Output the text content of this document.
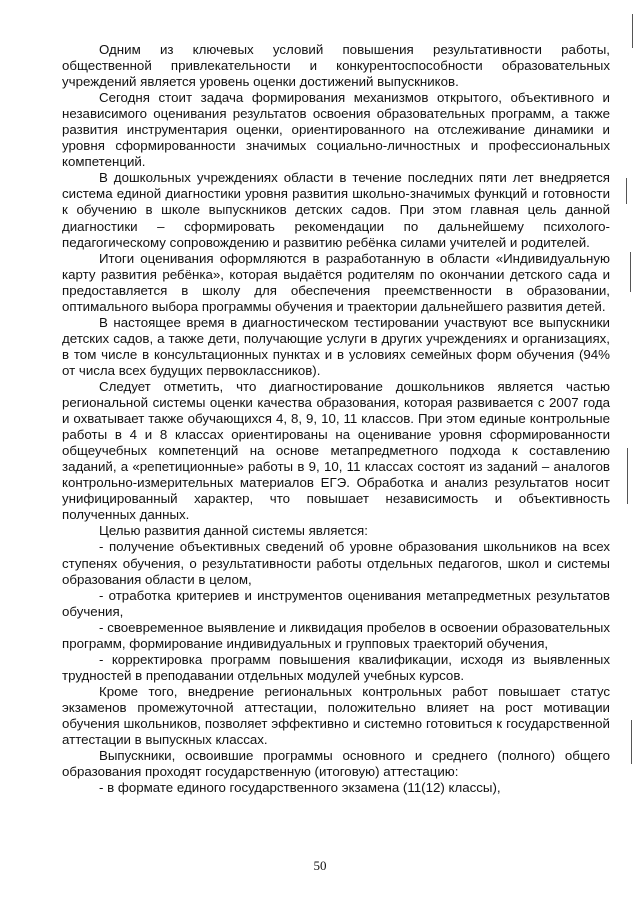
Одним из ключевых условий повышения результативности работы, общественной привлекательности и конкурентоспособности образовательных учреждений является уровень оценки достижений выпускников.

Сегодня стоит задача формирования механизмов открытого, объективного и независимого оценивания результатов освоения образовательных программ, а также развития инструментария оценки, ориентированного на отслеживание динамики и уровня сформированности значимых социально-личностных и профессиональных компетенций.

В дошкольных учреждениях области в течение последних пяти лет внедряется система единой диагностики уровня развития школьно-значимых функций и готовности к обучению в школе выпускников детских садов. При этом главная цель данной диагностики – сформировать рекомендации по дальнейшему психолого-педагогическому сопровождению и развитию ребёнка силами учителей и родителей.

Итоги оценивания оформляются в разработанную в области «Индивидуальную карту развития ребёнка», которая выдаётся родителям по окончании детского сада и предоставляется в школу для обеспечения преемственности в образовании, оптимального выбора программы обучения и траектории дальнейшего развития детей.

В настоящее время в диагностическом тестировании участвуют все выпускники детских садов, а также дети, получающие услуги в других учреждениях и организациях, в том числе в консультационных пунктах и в условиях семейных форм обучения (94% от числа всех будущих первоклассников).

Следует отметить, что диагностирование дошкольников является частью региональной системы оценки качества образования, которая развивается с 2007 года и охватывает также обучающихся 4, 8, 9, 10, 11 классов. При этом единые контрольные работы в 4 и 8 классах ориентированы на оценивание уровня сформированности общеучебных компетенций на основе метапредметного подхода к составлению заданий, а «репетиционные» работы в 9, 10, 11 классах состоят из заданий – аналогов контрольно-измерительных материалов ЕГЭ. Обработка и анализ результатов носит унифицированный характер, что повышает независимость и объективность полученных данных.

Целью развития данной системы является:

- получение объективных сведений об уровне образования школьников на всех ступенях обучения, о результативности работы отдельных педагогов, школ и системы образования области в целом,

- отработка критериев и инструментов оценивания метапредметных результатов обучения,

- своевременное выявление и ликвидация пробелов в освоении образовательных программ, формирование индивидуальных и групповых траекторий обучения,

- корректировка программ повышения квалификации, исходя из выявленных трудностей в преподавании отдельных модулей учебных курсов.

Кроме того, внедрение региональных контрольных работ повышает статус экзаменов промежуточной аттестации, положительно влияет на рост мотивации обучения школьников, позволяет эффективно и системно готовиться к государственной аттестации в выпускных классах.

Выпускники, освоившие программы основного и среднего (полного) общего образования проходят государственную (итоговую) аттестацию:

- в формате единого государственного экзамена (11(12) классы),

50
